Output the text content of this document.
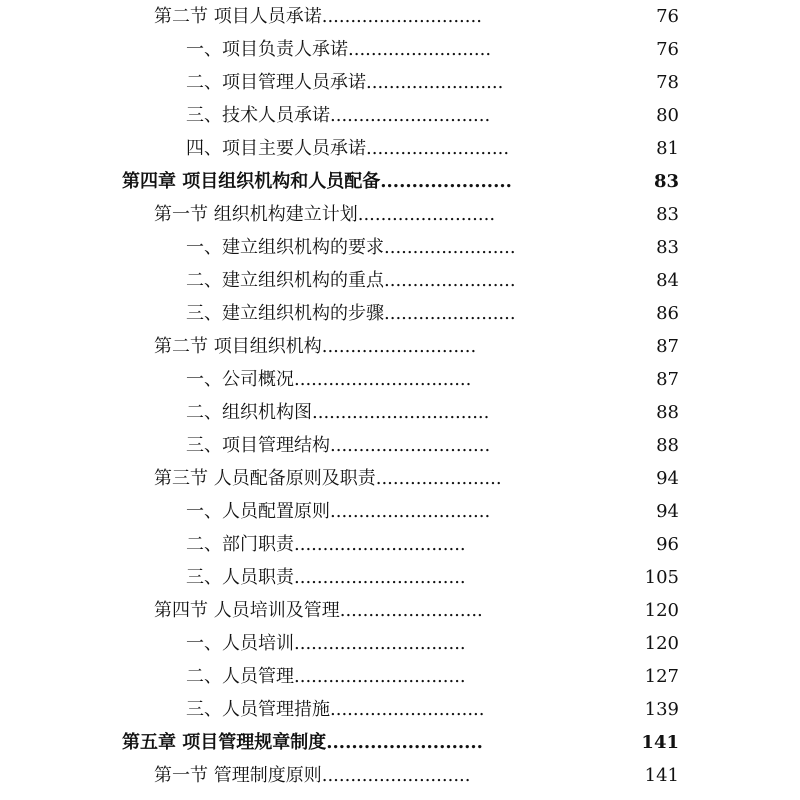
第二节 项目人员承诺............................	76
一、项目负责人承诺.........................	76
二、项目管理人员承诺........................	78
三、技术人员承诺............................	80
四、项目主要人员承诺.........................	81
第四章 项目组织机构和人员配备.....................	83
第一节 组织机构建立计划........................	83
一、建立组织机构的要求.......................	83
二、建立组织机构的重点.......................	84
三、建立组织机构的步骤.......................	86
第二节 项目组织机构...........................	87
一、公司概况...............................	87
二、组织机构图...............................	88
三、项目管理结构............................	88
第三节 人员配备原则及职责......................	94
一、人员配置原则............................	94
二、部门职责..............................	96
三、人员职责..............................	105
第四节 人员培训及管理.........................	120
一、人员培训..............................	120
二、人员管理..............................	127
三、人员管理措施...........................	139
第五章 项目管理规章制度.........................	141
第一节 管理制度原则..........................	141
